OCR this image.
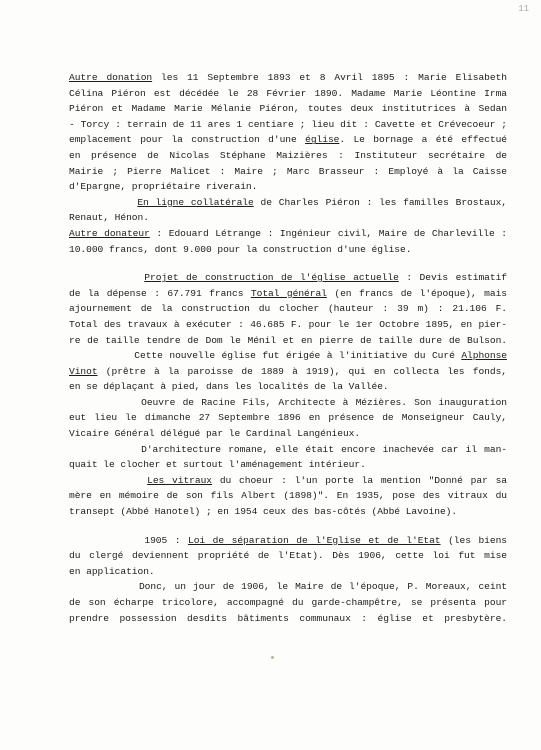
11
Autre donation les 11 Septembre 1893 et 8 Avril 1895 : Marie Elisabeth
Célina Piéron est décédée le 28 Février 1890. Madame Marie Léontine Irma
Piéron et Madame Marie Mélanie Piéron, toutes deux institutrices à Sedan
- Torcy : terrain de 11 ares 1 centiare ; lieu dit : Cavette et Crévecoeur ;
emplacement pour la construction d'une église. Le bornage a été effectué
en présence de Nicolas Stéphane Maizières : Instituteur secrétaire de
Mairie ; Pierre Malicet : Maire ; Marc Brasseur : Employé à la Caisse
d'Epargne, propriétaire riverain.
En ligne collatérale de Charles Piéron : les familles Brostaux,
Renaut, Hénon.
Autre donateur : Edouard Létrange : Ingénieur civil, Maire de Charleville :
10.000 francs, dont 9.000 pour la construction d'une église.
Projet de construction de l'église actuelle : Devis estimatif
de la dépense : 67.791 francs Total général (en francs de l'époque), mais
ajournement de la construction du clocher (hauteur : 39 m) : 21.106 F.
Total des travaux à exécuter : 46.685 F. pour le 1er Octobre 1895, en pier-
re de taille tendre de Dom le Ménil et en pierre de taille dure de Bulson.
Cette nouvelle église fut érigée à l'initiative du Curé Alphonse
Vinot (prêtre à la paroisse de 1889 à 1919), qui en collecta les fonds,
en se déplaçant à pied, dans les localités de la Vallée.
Oeuvre de Racine Fils, Architecte à Mézières. Son inauguration
eut lieu le dimanche 27 Septembre 1896 en présence de Monseigneur Cauly,
Vicaire Général délégué par le Cardinal Langénieux.
D'architecture romane, elle était encore inachevée car il man-
quait le clocher et surtout l'aménagement intérieur.
Les vitraux du choeur : l'un porte la mention "Donné par sa
mère en mémoire de son fils Albert (1898)". En 1935, pose des vitraux du
transept (Abbé Hanotel) ; en 1954 ceux des bas-côtés (Abbé Lavoine).
1905 : Loi de séparation de l'Eglise et de l'Etat (les biens
du clergé deviennent propriété de l'Etat). Dès 1906, cette loi fut mise
en application.
Donc, un jour de 1906, le Maire de l'époque, P. Moreaux, ceint
de son écharpe tricolore, accompagné du garde-champêtre, se présenta pour
prendre possession desdits bâtiments communaux : église et presbytère.
